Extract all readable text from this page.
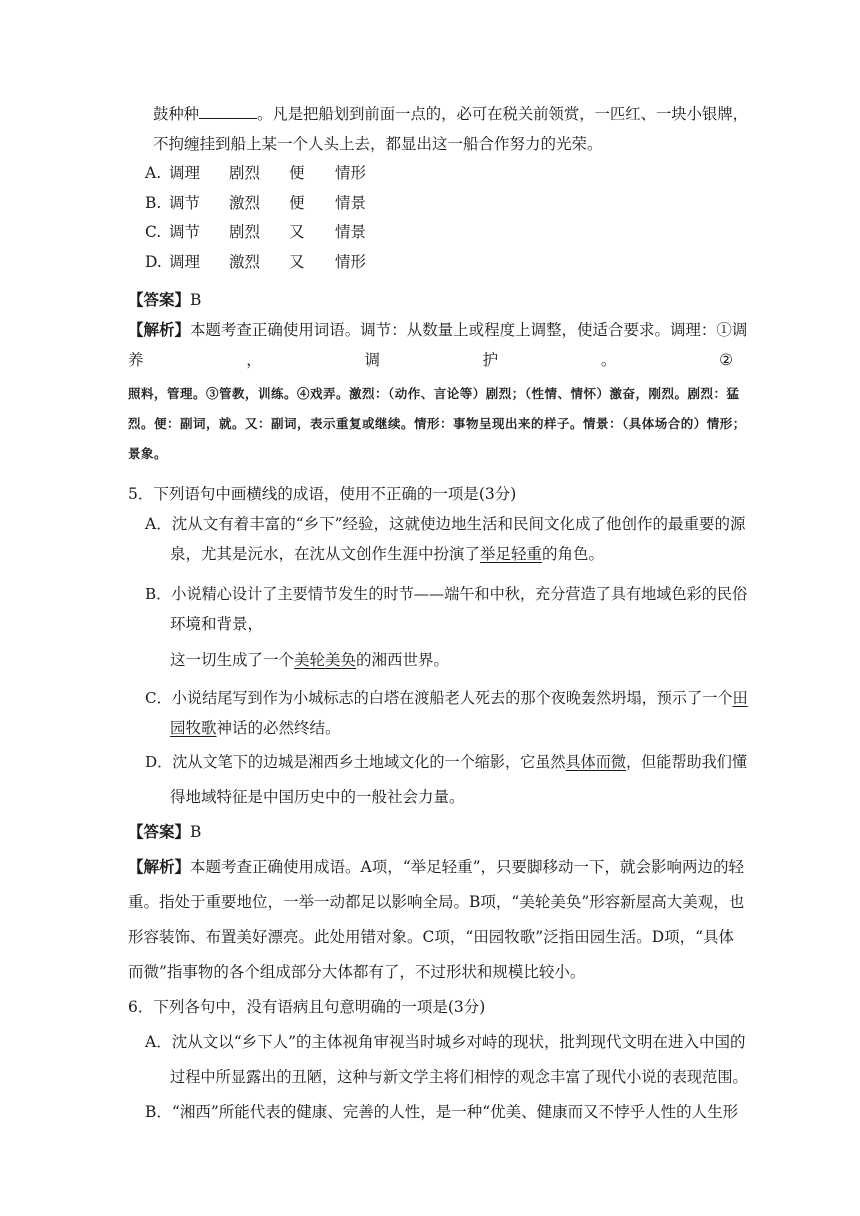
鼓种种	。凡是把船划到前面一点的，必可在税关前领赏，一匹红、一块小银牌，
不拘缠挂到船上某一个人头上去，都显出这一船合作努力的光荣。
A. 调理 剧烈 便 情形
B. 调节 激烈 便 情景
C. 调节 剧烈 又 情景
D. 调理 激烈 又 情形
【答案】B
【解析】本题考查正确使用词语。调节：从数量上或程度上调整，使适合要求。调理：①调
养	，	调	护	。	②
照料，管理。③管教，训练。④戏弄。激烈：（动作、言论等）剧烈；（性情、情怀）激奋，刚烈。剧烈：猛
烈。便：副词，就。又：副词，表示重复或继续。情形：事物呈现出来的样子。情景：（具体场合的）情形；
景象。
5．下列语句中画横线的成语，使用不正确的一项是(3分)
A．沈从文有着丰富的“乡下”经验，这就使边地生活和民间文化成了他创作的最重要的源
泉，尤其是沅水，在沈从文创作生涯中扮演了举足轻重的角色。
B．小说精心设计了主要情节发生的时节——端午和中秋，充分营造了具有地域色彩的民俗
环境和背景，
这一切生成了一个美轮美奂的湘西世界。
C．小说结尾写到作为小城标志的白塔在渡船老人死去的那个夜晚轰然坍塌，预示了一个田
园牧歌神话的必然终结。
D．沈从文笔下的边城是湘西乡土地域文化的一个缩影，它虽然具体而微，但能帮助我们懂
得地域特征是中国历史中的一般社会力量。
【答案】B
【解析】本题考查正确使用成语。A项，“举足轻重”，只要脚移动一下，就会影响两边的轻
重。指处于重要地位，一举一动都足以影响全局。B项，“美轮美奂”形容新屋高大美观，也
形容装饰、布置美好漂亮。此处用错对象。C项，“田园牧歌”泛指田园生活。D项，“具体
而微”指事物的各个组成部分大体都有了，不过形状和规模比较小。
6．下列各句中，没有语病且句意明确的一项是(3分)
A．沈从文以“乡下人”的主体视角审视当时城乡对峙的现状，批判现代文明在进入中国的
过程中所显露出的丑陋，这种与新文学主将们相悖的观念丰富了现代小说的表现范围。
B．“湘西”所能代表的健康、完善的人性，是一种“优美、健康而又不悖乎人性的人生形
